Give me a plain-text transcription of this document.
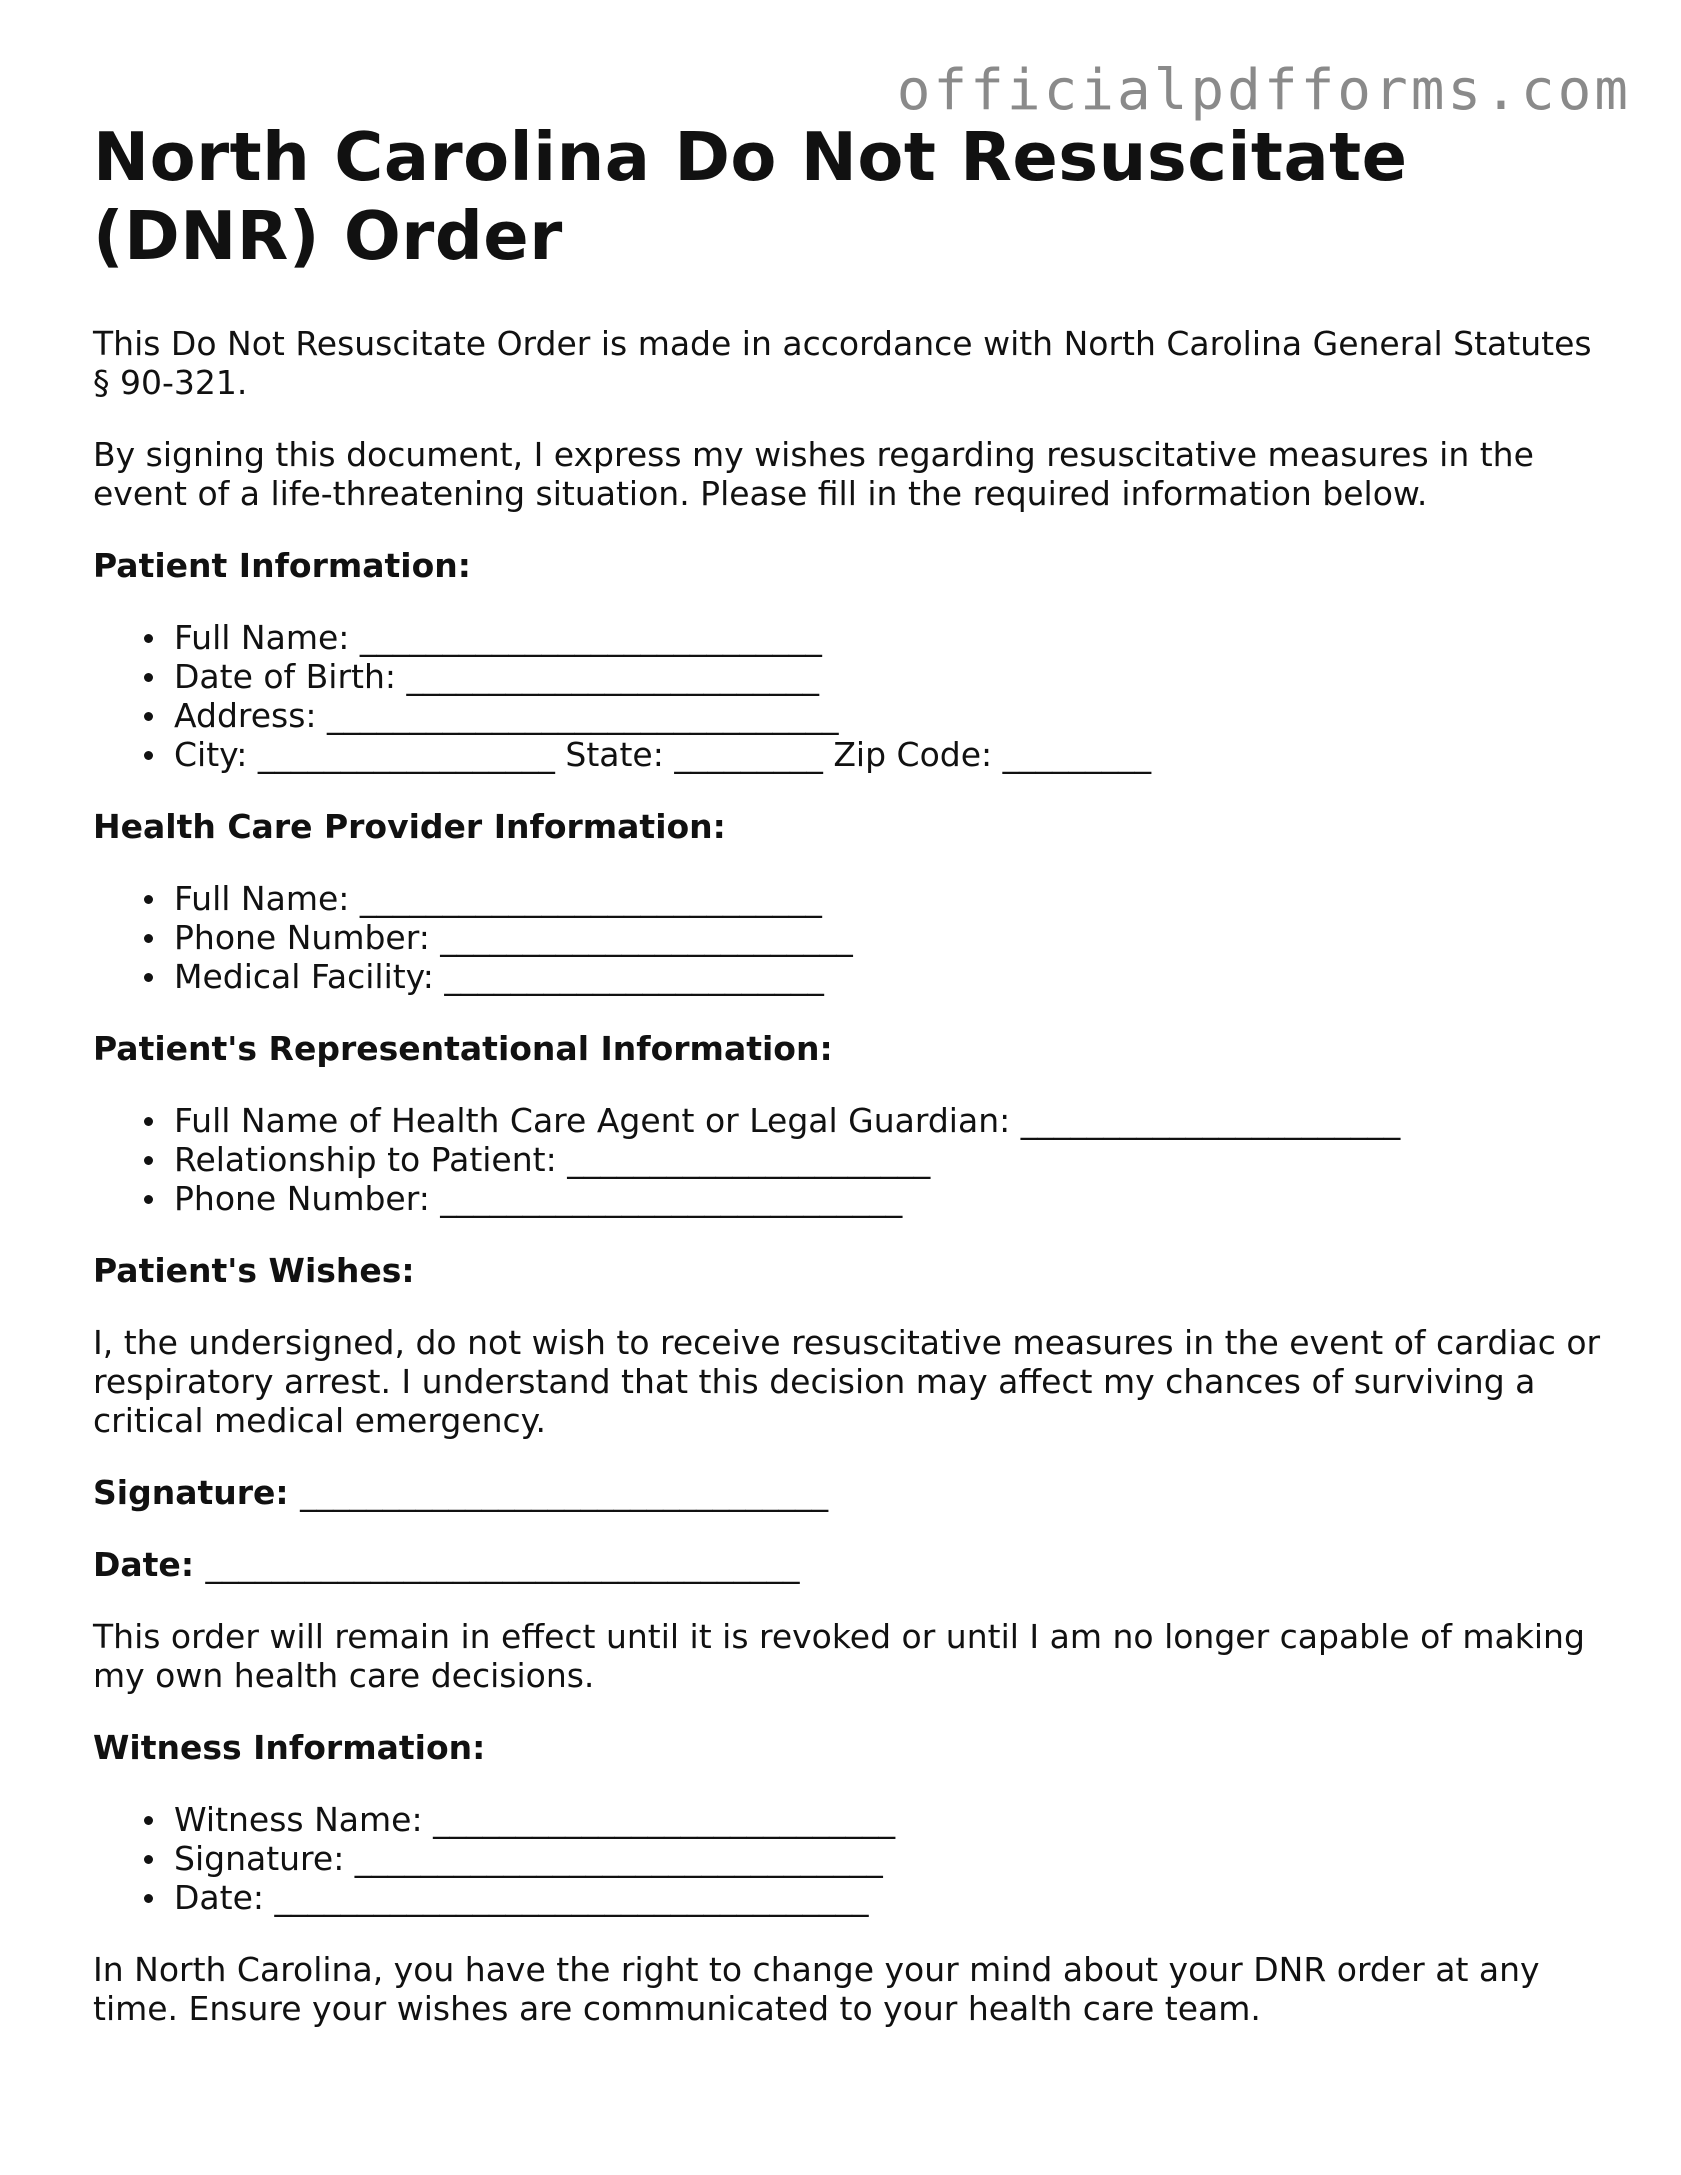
officialpdfforms.com
North Carolina Do Not Resuscitate (DNR) Order

This Do Not Resuscitate Order is made in accordance with North Carolina General Statutes § 90-321.

By signing this document, I express my wishes regarding resuscitative measures in the event of a life-threatening situation. Please fill in the required information below.

Patient Information:

Full Name: ____________________________
Date of Birth: _________________________
Address: _______________________________
City: __________________ State: _________ Zip Code: _________

Health Care Provider Information:

Full Name: ____________________________
Phone Number: _________________________
Medical Facility: _______________________

Patient's Representational Information:

Full Name of Health Care Agent or Legal Guardian: _______________________
Relationship to Patient: ______________________
Phone Number: ____________________________

Patient's Wishes:

I, the undersigned, do not wish to receive resuscitative measures in the event of cardiac or respiratory arrest. I understand that this decision may affect my chances of surviving a critical medical emergency.

Signature: ________________________________

Date: ____________________________________

This order will remain in effect until it is revoked or until I am no longer capable of making my own health care decisions.

Witness Information:

Witness Name: ____________________________
Signature: ________________________________
Date: ____________________________________

In North Carolina, you have the right to change your mind about your DNR order at any time. Ensure your wishes are communicated to your health care team.
